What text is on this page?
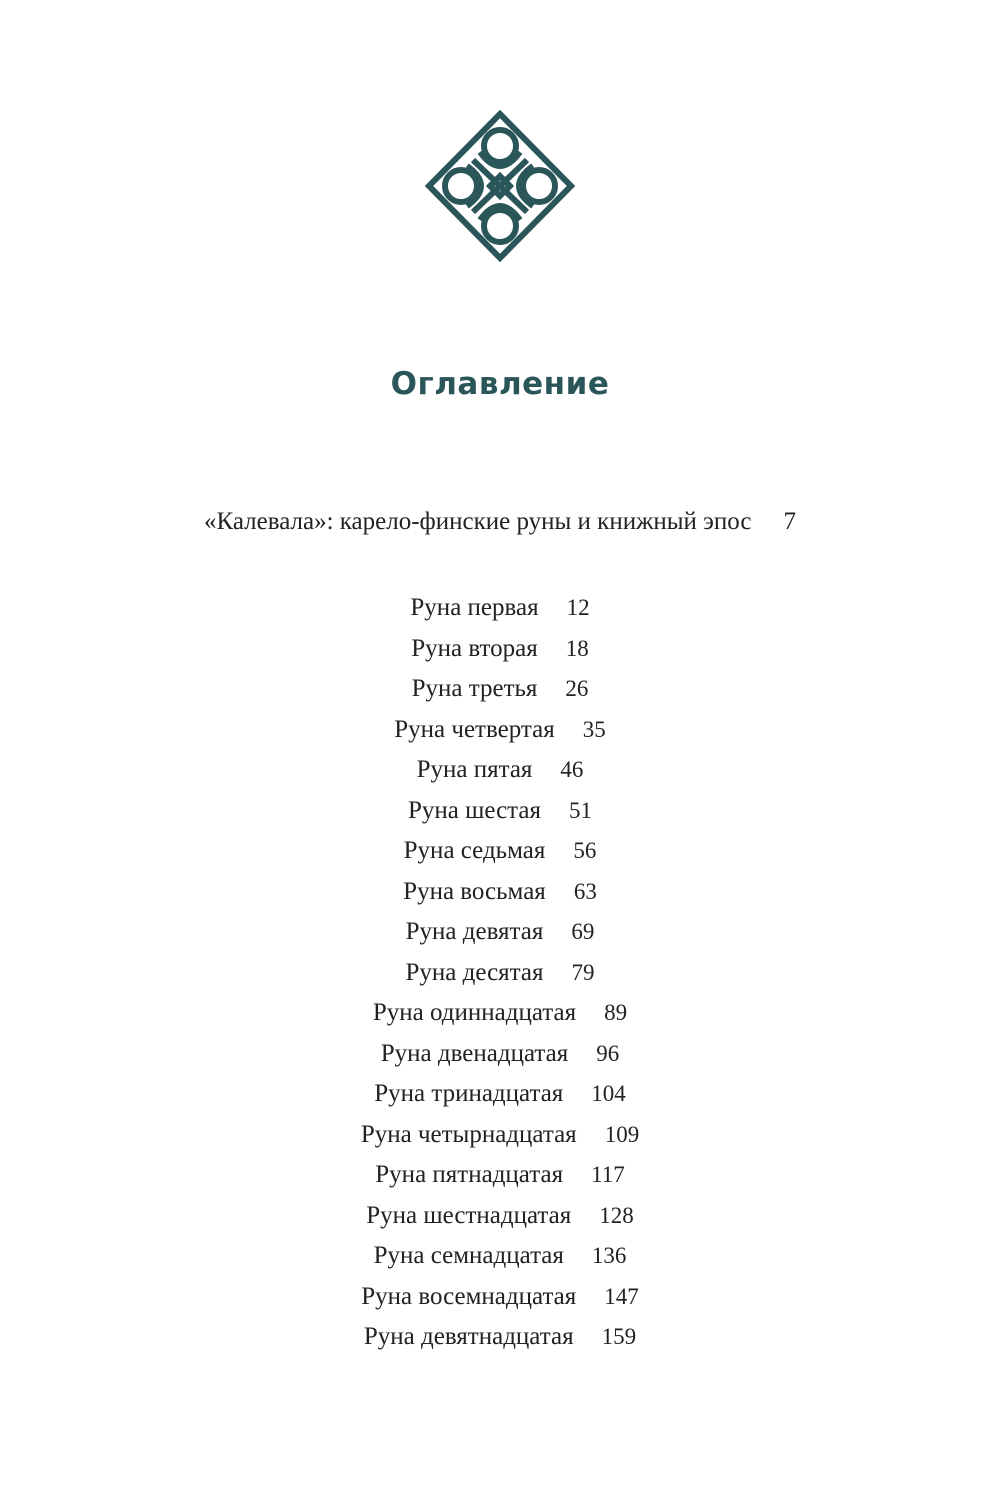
Оглавление
«Калевала»: карело-финские руны и книжный эпос 7
Руна первая 12
Руна вторая 18
Руна третья 26
Руна четвертая 35
Руна пятая 46
Руна шестая 51
Руна седьмая 56
Руна восьмая 63
Руна девятая 69
Руна десятая 79
Руна одиннадцатая 89
Руна двенадцатая 96
Руна тринадцатая 104
Руна четырнадцатая 109
Руна пятнадцатая 117
Руна шестнадцатая 128
Руна семнадцатая 136
Руна восемнадцатая 147
Руна девятнадцатая 159
